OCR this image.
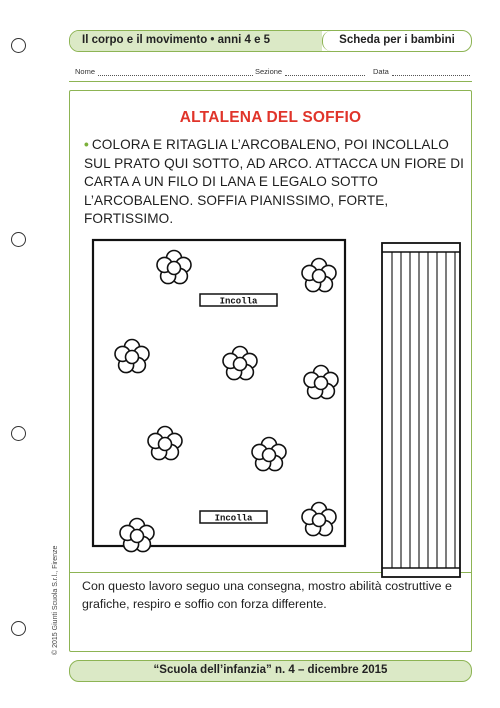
Il corpo e il movimento • anni 4 e 5	Scheda per i bambini
Nome	Sezione	Data
ALTALENA DEL SOFFIO
• COLORA E RITAGLIA L’ARCOBALENO, POI INCOLLALO SUL PRATO QUI SOTTO, AD ARCO. ATTACCA UN FIORE DI CARTA A UN FILO DI LANA E LEGALO SOTTO L’ARCOBALENO. SOFFIA PIANISSIMO, FORTE, FORTISSIMO.
Incolla
Incolla
Con questo lavoro seguo una consegna, mostro abilità costruttive e grafiche, respiro e soffio con forza differente.
“Scuola dell’infanzia” n. 4 – dicembre 2015
© 2015 Giunti Scuola S.r.l., Firenze
